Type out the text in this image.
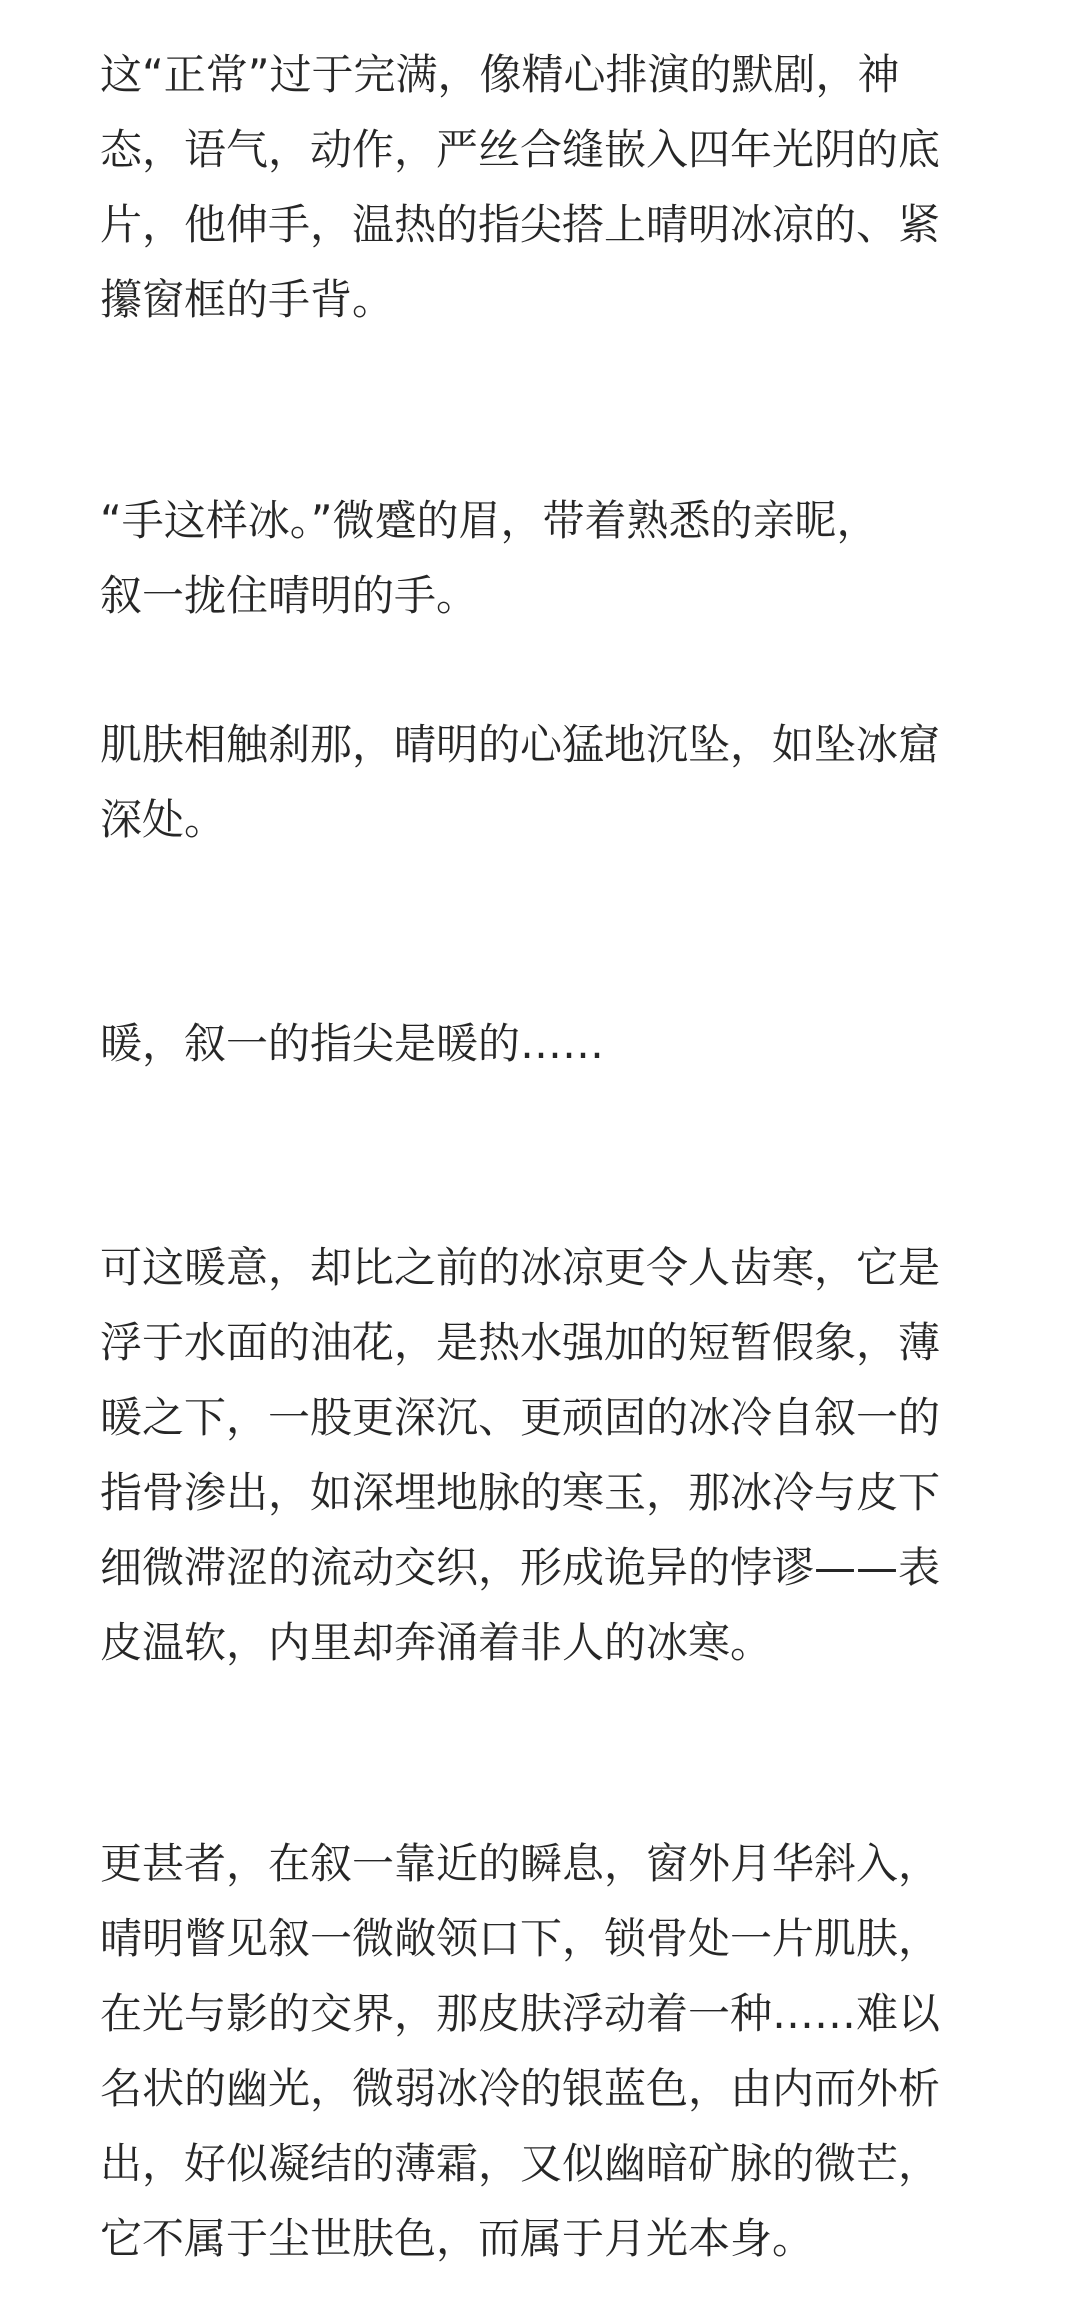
这“正常”过于完满，像精心排演的默剧，神
态，语气，动作，严丝合缝嵌入四年光阴的底
片，他伸手，温热的指尖搭上晴明冰凉的、紧
攥窗框的手背。
“手这样冰。”微蹙的眉，带着熟悉的亲昵，
叙一拢住晴明的手。
肌肤相触刹那，晴明的心猛地沉坠，如坠冰窟
深处。
暖，叙一的指尖是暖的……
可这暖意，却比之前的冰凉更令人齿寒，它是
浮于水面的油花，是热水强加的短暂假象，薄
暖之下，一股更深沉、更顽固的冰冷自叙一的
指骨渗出，如深埋地脉的寒玉，那冰冷与皮下
细微滞涩的流动交织，形成诡异的悖谬——表
皮温软，内里却奔涌着非人的冰寒。
更甚者，在叙一靠近的瞬息，窗外月华斜入，
晴明瞥见叙一微敞领口下，锁骨处一片肌肤，
在光与影的交界，那皮肤浮动着一种……难以
名状的幽光，微弱冰冷的银蓝色，由内而外析
出，好似凝结的薄霜，又似幽暗矿脉的微芒，
它不属于尘世肤色，而属于月光本身。
